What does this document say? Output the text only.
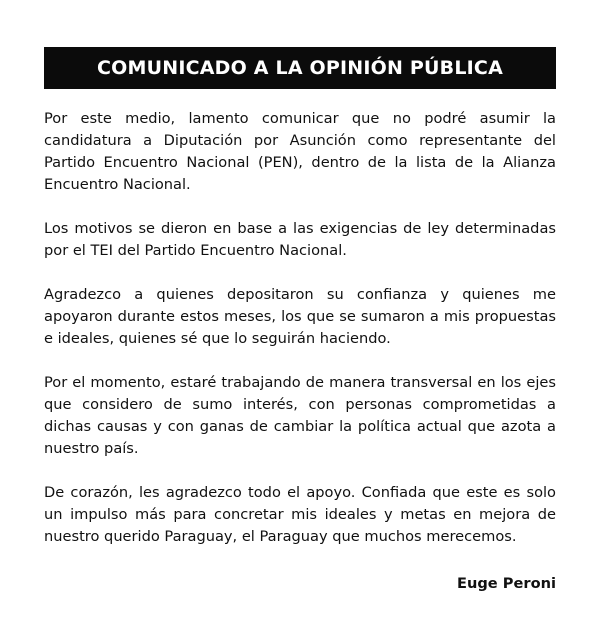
COMUNICADO A LA OPINIÓN PÚBLICA

Por este medio, lamento comunicar que no podré asumir la candidatura a Diputación por Asunción como representante del Partido Encuentro Nacional (PEN), dentro de la lista de la Alianza Encuentro Nacional.

Los motivos se dieron en base a las exigencias de ley determinadas por el TEI del Partido Encuentro Nacional.

Agradezco a quienes depositaron su confianza y quienes me apoyaron durante estos meses, los que se sumaron a mis propuestas e ideales, quienes sé que lo seguirán haciendo.

Por el momento, estaré trabajando de manera transversal en los ejes que considero de sumo interés, con personas comprometidas a dichas causas y con ganas de cambiar la política actual que azota a nuestro país.

De corazón, les agradezco todo el apoyo. Confiada que este es solo un impulso más para concretar mis ideales y metas en mejora de nuestro querido Paraguay, el Paraguay que muchos merecemos.

Euge Peroni
